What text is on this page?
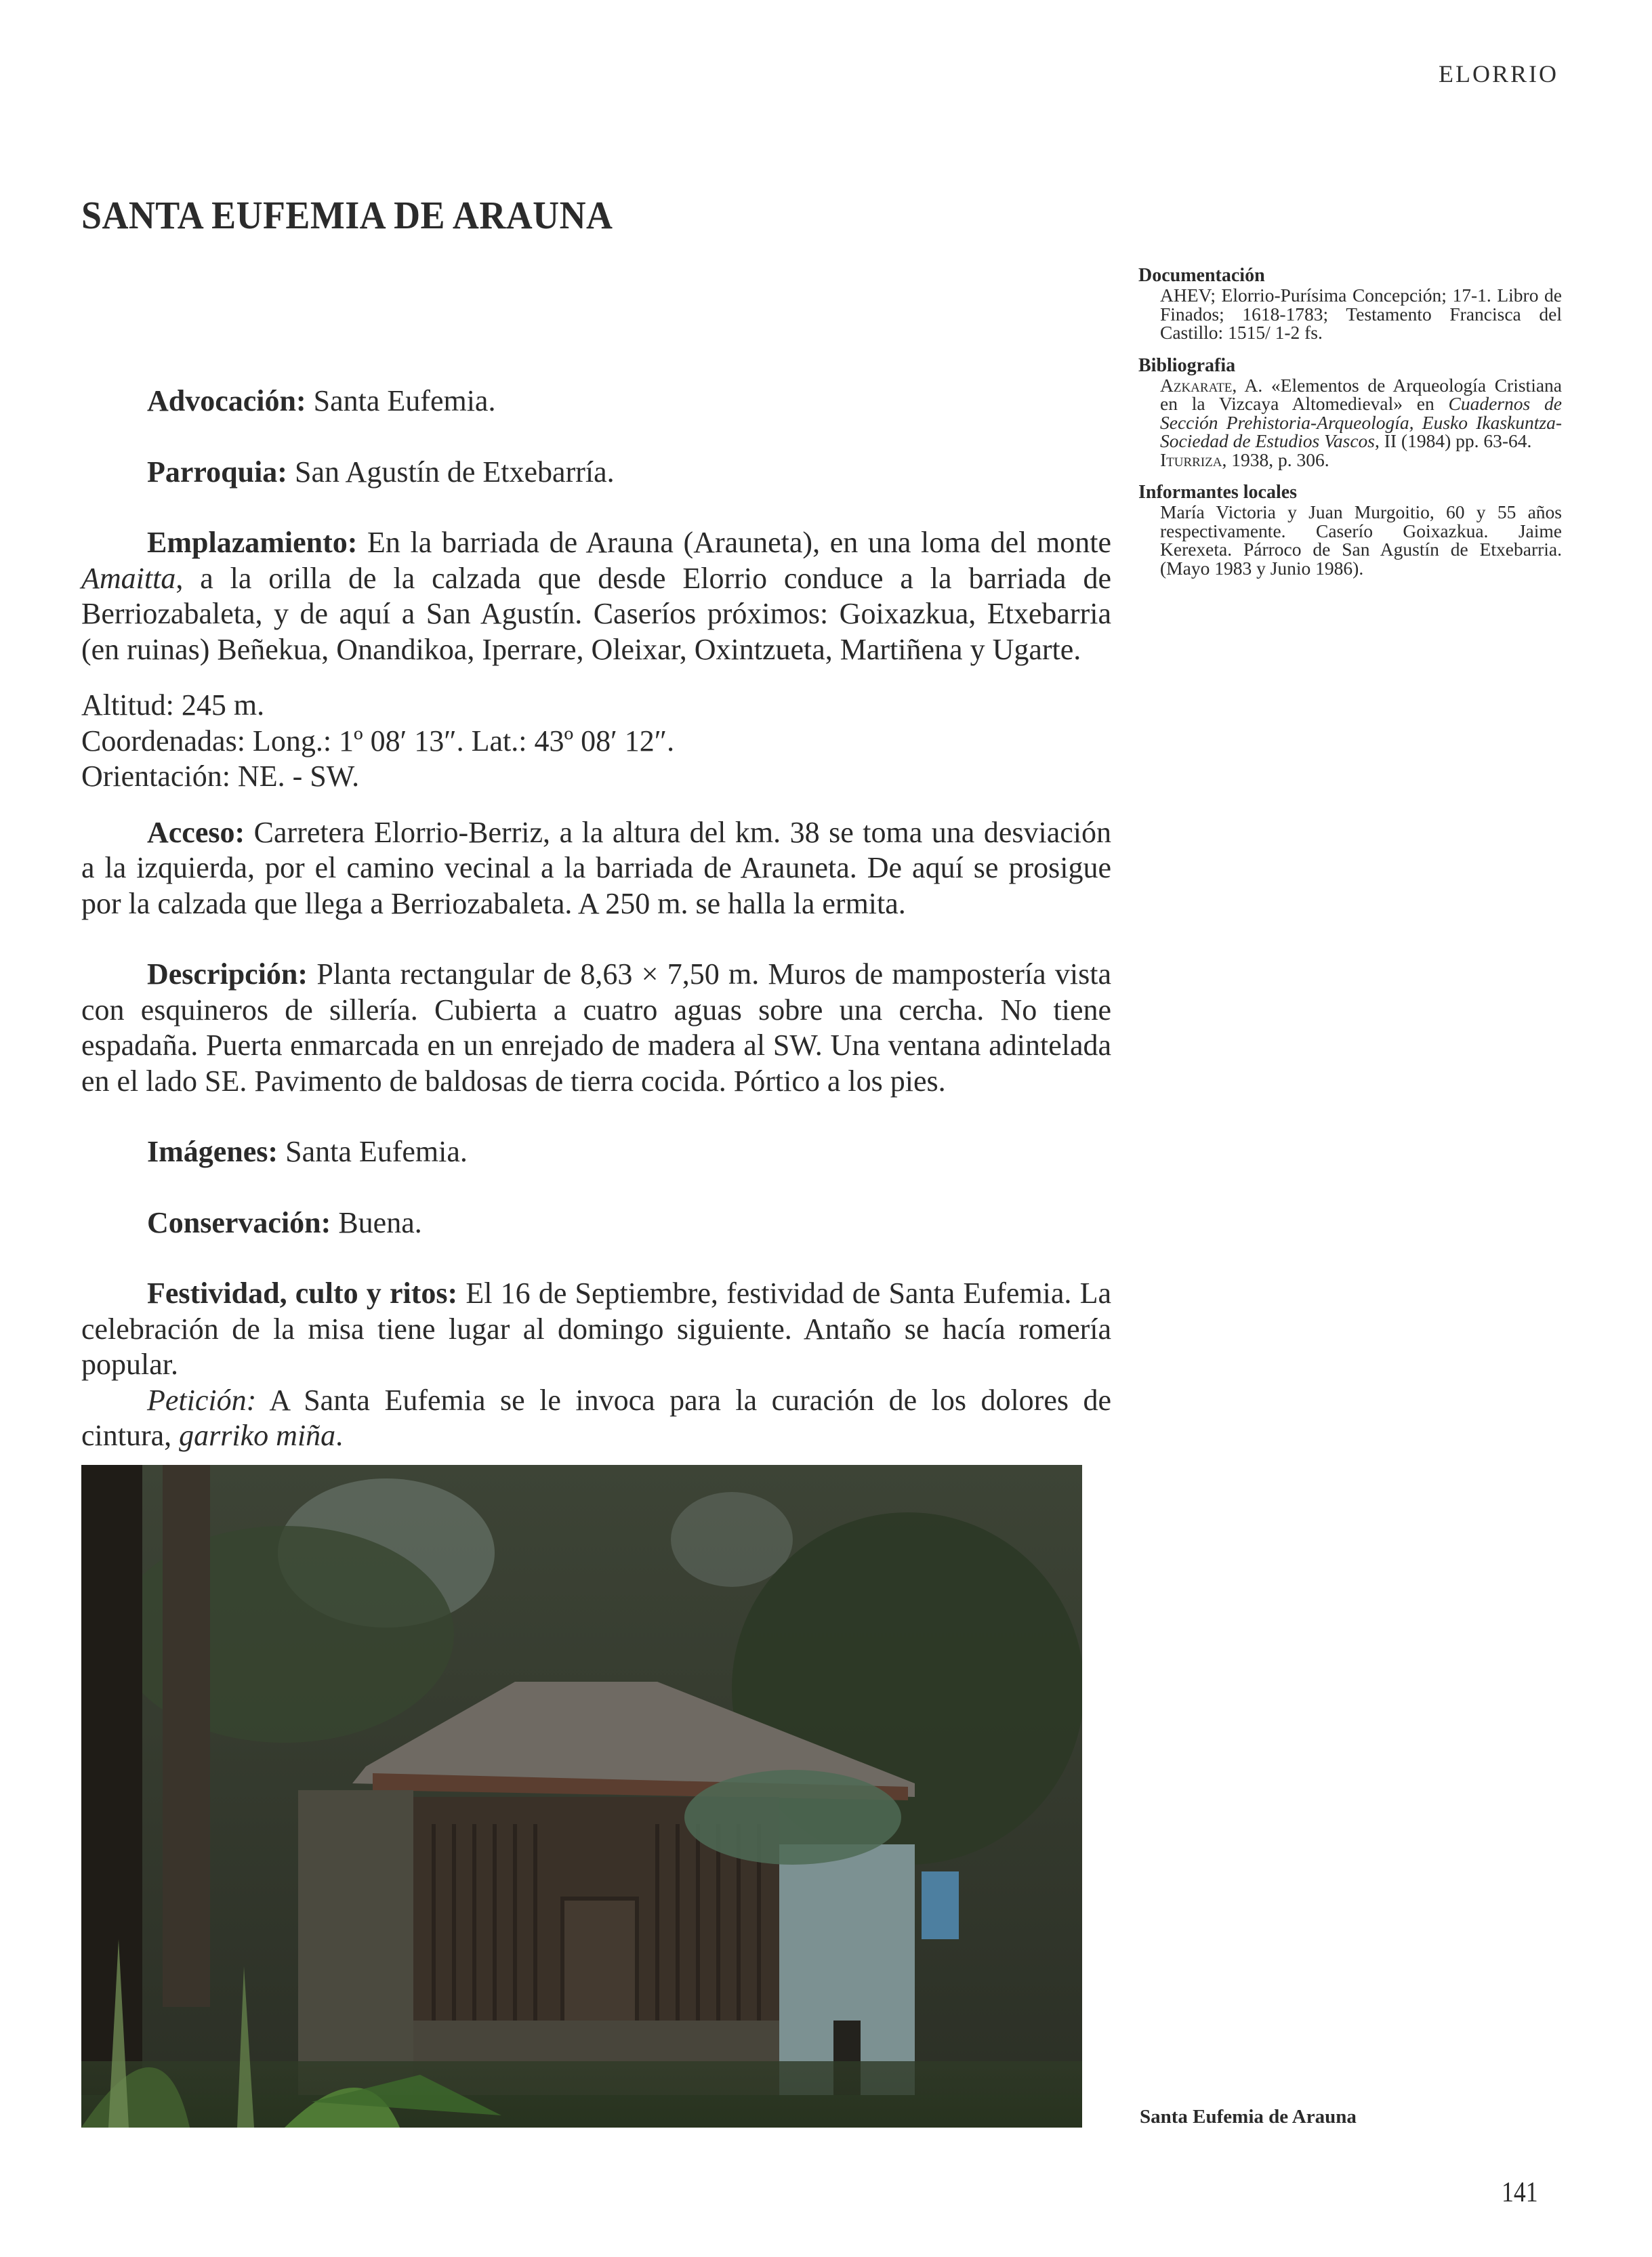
ELORRIO
SANTA EUFEMIA DE ARAUNA

Advocación: Santa Eufemia.

Parroquia: San Agustín de Etxebarría.

Emplazamiento: En la barriada de Arauna (Arauneta), en una loma del monte Amaitta, a la orilla de la calzada que desde Elorrio conduce a la barriada de Berriozabaleta, y de aquí a San Agustín. Caseríos próximos: Goixazkua, Etxebarria (en ruinas) Beñekua, Onandikoa, Iperrare, Oleixar, Oxintzueta, Martiñena y Ugarte.

Altitud: 245 m.
Coordenadas: Long.: 1º 08′ 13″. Lat.: 43º 08′ 12″.
Orientación: NE. - SW.

Acceso: Carretera Elorrio-Berriz, a la altura del km. 38 se toma una desviación a la izquierda, por el camino vecinal a la barriada de Arauneta. De aquí se prosigue por la calzada que llega a Berriozabaleta. A 250 m. se halla la ermita.

Descripción: Planta rectangular de 8,63 × 7,50 m. Muros de mampostería vista con esquineros de sillería. Cubierta a cuatro aguas sobre una cercha. No tiene espadaña. Puerta enmarcada en un enrejado de madera al SW. Una ventana adintelada en el lado SE. Pavimento de baldosas de tierra cocida. Pórtico a los pies.

Imágenes: Santa Eufemia.

Conservación: Buena.

Festividad, culto y ritos: El 16 de Septiembre, festividad de Santa Eufemia. La celebración de la misa tiene lugar al domingo siguiente. Antaño se hacía romería popular.

Petición: A Santa Eufemia se le invoca para la curación de los dolores de cintura, garriko miña.

Documentación
AHEV; Elorrio-Purísima Concepción; 17-1. Libro de Finados; 1618-1783; Testamento Francisca del Castillo: 1515/ 1-2 fs.
Bibliografia
Azkarate, A. «Elementos de Arqueología Cristiana en la Vizcaya Altomedieval» en Cuadernos de Sección Prehistoria-Arqueología, Eusko Ikaskuntza-Sociedad de Estudios Vascos, II (1984) pp. 63-64.
Iturriza, 1938, p. 306.
Informantes locales
María Victoria y Juan Murgoitio, 60 y 55 años respectivamente. Caserío Goixazkua. Jaime Kerexeta. Párroco de San Agustín de Etxebarria. (Mayo 1983 y Junio 1986).
Santa Eufemia de Arauna
141
